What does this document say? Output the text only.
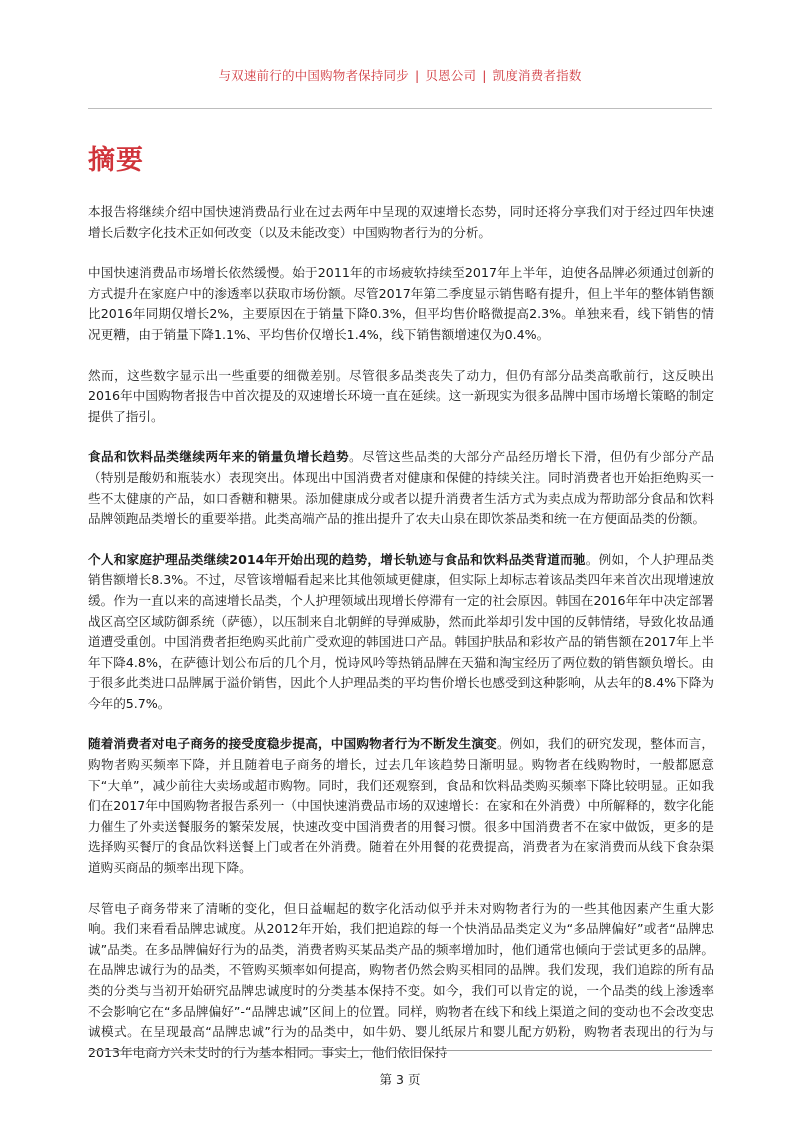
与双速前行的中国购物者保持同步 | 贝恩公司 | 凯度消费者指数
摘要

本报告将继续介绍中国快速消费品行业在过去两年中呈现的双速增长态势，同时还将分享我们对于经过四年快速增长后数字化技术正如何改变（以及未能改变）中国购物者行为的分析。

中国快速消费品市场增长依然缓慢。始于2011年的市场疲软持续至2017年上半年，迫使各品牌必须通过创新的方式提升在家庭户中的渗透率以获取市场份额。尽管2017年第二季度显示销售略有提升，但上半年的整体销售额比2016年同期仅增长2%，主要原因在于销量下降0.3%，但平均售价略微提高2.3%。单独来看，线下销售的情况更糟，由于销量下降1.1%、平均售价仅增长1.4%，线下销售额增速仅为0.4%。

然而，这些数字显示出一些重要的细微差别。尽管很多品类丧失了动力，但仍有部分品类高歌前行，这反映出2016年中国购物者报告中首次提及的双速增长环境一直在延续。这一新现实为很多品牌中国市场增长策略的制定提供了指引。

食品和饮料品类继续两年来的销量负增长趋势。尽管这些品类的大部分产品经历增长下滑，但仍有少部分产品（特别是酸奶和瓶装水）表现突出。体现出中国消费者对健康和保健的持续关注。同时消费者也开始拒绝购买一些不太健康的产品，如口香糖和糖果。添加健康成分或者以提升消费者生活方式为卖点成为帮助部分食品和饮料品牌领跑品类增长的重要举措。此类高端产品的推出提升了农夫山泉在即饮茶品类和统一在方便面品类的份额。

个人和家庭护理品类继续2014年开始出现的趋势，增长轨迹与食品和饮料品类背道而驰。例如，个人护理品类销售额增长8.3%。不过，尽管该增幅看起来比其他领域更健康，但实际上却标志着该品类四年来首次出现增速放缓。作为一直以来的高速增长品类，个人护理领域出现增长停滞有一定的社会原因。韩国在2016年年中决定部署战区高空区域防御系统（萨德），以压制来自北朝鲜的导弹威胁，然而此举却引发中国的反韩情绪，导致化妆品通道遭受重创。中国消费者拒绝购买此前广受欢迎的韩国进口产品。韩国护肤品和彩妆产品的销售额在2017年上半年下降4.8%，在萨德计划公布后的几个月，悦诗风吟等热销品牌在天猫和淘宝经历了两位数的销售额负增长。由于很多此类进口品牌属于溢价销售，因此个人护理品类的平均售价增长也感受到这种影响，从去年的8.4%下降为今年的5.7%。

随着消费者对电子商务的接受度稳步提高，中国购物者行为不断发生演变。例如，我们的研究发现，整体而言，购物者购买频率下降，并且随着电子商务的增长，过去几年该趋势日渐明显。购物者在线购物时，一般都愿意下“大单”，减少前往大卖场或超市购物。同时，我们还观察到，食品和饮料品类购买频率下降比较明显。正如我们在2017年中国购物者报告系列一（中国快速消费品市场的双速增长：在家和在外消费）中所解释的，数字化能力催生了外卖送餐服务的繁荣发展，快速改变中国消费者的用餐习惯。很多中国消费者不在家中做饭，更多的是选择购买餐厅的食品饮料送餐上门或者在外消费。随着在外用餐的花费提高，消费者为在家消费而从线下食杂渠道购买商品的频率出现下降。

尽管电子商务带来了清晰的变化，但日益崛起的数字化活动似乎并未对购物者行为的一些其他因素产生重大影响。我们来看看品牌忠诚度。从2012年开始，我们把追踪的每一个快消品品类定义为“多品牌偏好”或者“品牌忠诚”品类。在多品牌偏好行为的品类，消费者购买某品类产品的频率增加时，他们通常也倾向于尝试更多的品牌。在品牌忠诚行为的品类，不管购买频率如何提高，购物者仍然会购买相同的品牌。我们发现，我们追踪的所有品类的分类与当初开始研究品牌忠诚度时的分类基本保持不变。如今，我们可以肯定的说，一个品类的线上渗透率不会影响它在“多品牌偏好”-“品牌忠诚”区间上的位置。同样，购物者在线下和线上渠道之间的变动也不会改变忠诚模式。在呈现最高“品牌忠诚”行为的品类中，如牛奶、婴儿纸尿片和婴儿配方奶粉，购物者表现出的行为与2013年电商方兴未艾时的行为基本相同。事实上，他们依旧保持

第 3 页
